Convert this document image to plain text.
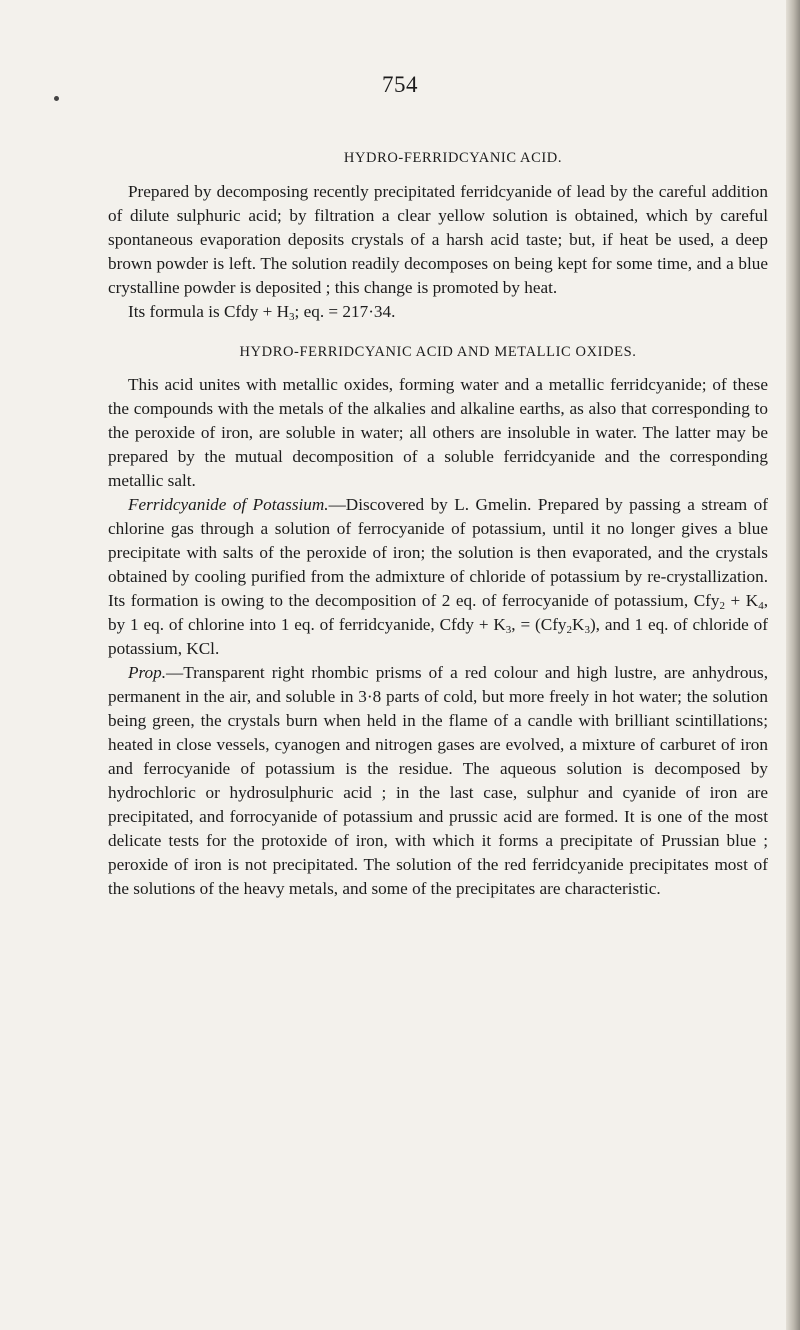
754
HYDRO-FERRIDCYANIC ACID.

Prepared by decomposing recently precipitated ferridcyanide of lead by the careful addition of dilute sulphuric acid; by filtration a clear yellow solution is obtained, which by careful spontaneous evaporation deposits crystals of a harsh acid taste; but, if heat be used, a deep brown powder is left. The solution readily decomposes on being kept for some time, and a blue crystalline powder is deposited ; this change is promoted by heat.

Its formula is Cfdy + $H_3$; eq. = 217·34.

HYDRO-FERRIDCYANIC ACID AND METALLIC OXIDES.

This acid unites with metallic oxides, forming water and a metallic ferridcyanide; of these the compounds with the metals of the alkalies and alkaline earths, as also that corresponding to the peroxide of iron, are soluble in water; all others are insoluble in water. The latter may be prepared by the mutual decomposition of a soluble ferridcyanide and the corresponding metallic salt.

Ferridcyanide of Potassium.—Discovered by L. Gmelin. Prepared by passing a stream of chlorine gas through a solution of ferrocyanide of potassium, until it no longer gives a blue precipitate with salts of the peroxide of iron; the solution is then evaporated, and the crystals obtained by cooling purified from the admixture of chloride of potassium by re-crystallization. Its formation is owing to the decomposition of 2 eq. of ferrocyanide of potassium, $Cfy_2 + K_4$, by 1 eq. of chlorine into 1 eq. of ferridcyanide, Cfdy + $K_3$, = $(Cfy_2K_3)$, and 1 eq. of chloride of potassium, KCl.

Prop.—Transparent right rhombic prisms of a red colour and high lustre, are anhydrous, permanent in the air, and soluble in 3·8 parts of cold, but more freely in hot water; the solution being green, the crystals burn when held in the flame of a candle with brilliant scintillations; heated in close vessels, cyanogen and nitrogen gases are evolved, a mixture of carburet of iron and ferrocyanide of potassium is the residue. The aqueous solution is decomposed by hydrochloric or hydrosulphuric acid ; in the last case, sulphur and cyanide of iron are precipitated, and forrocyanide of potassium and prussic acid are formed. It is one of the most delicate tests for the protoxide of iron, with which it forms a precipitate of Prussian blue ; peroxide of iron is not precipitated. The solution of the red ferridcyanide precipitates most of the solutions of the heavy metals, and some of the precipitates are characteristic.
